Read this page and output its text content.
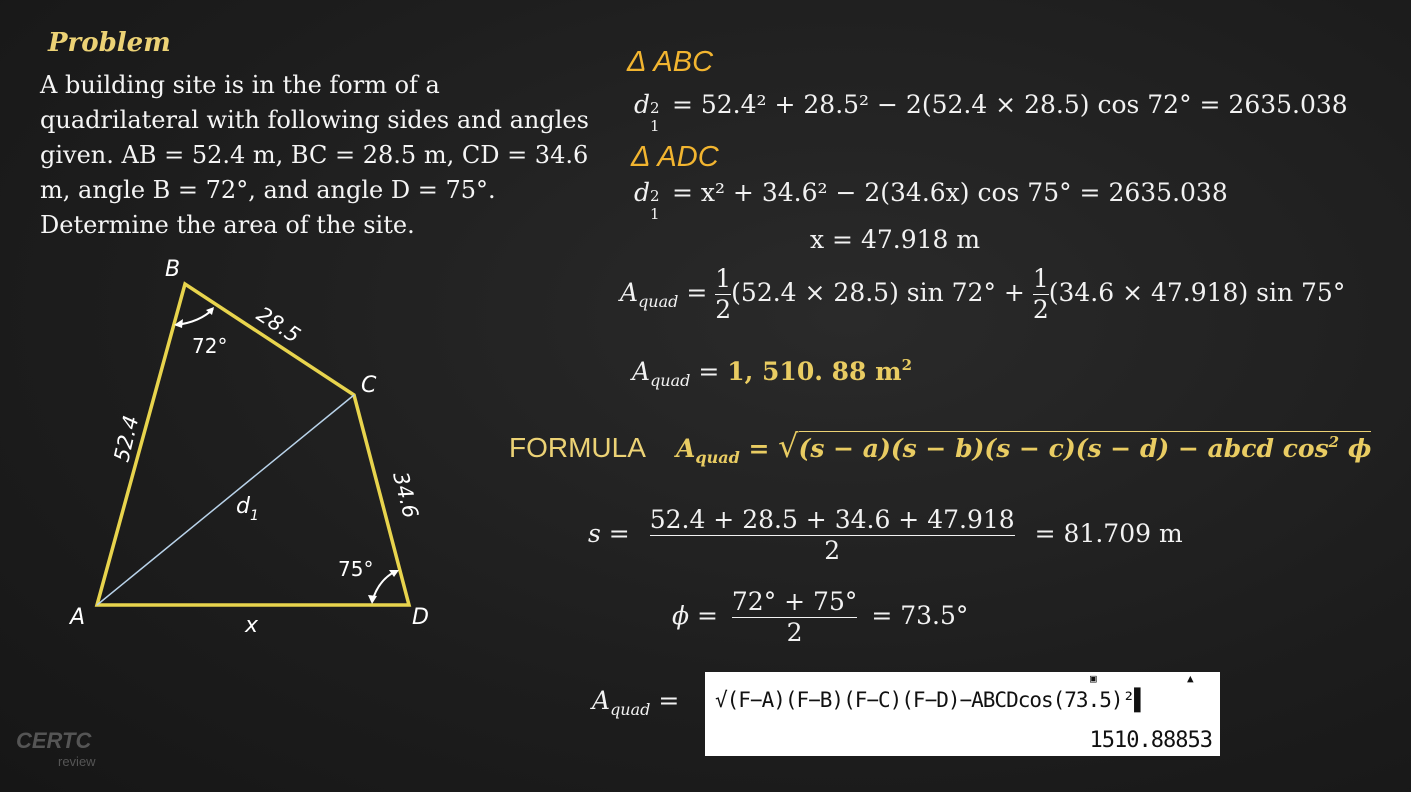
Problem
A building site is in the form of a quadrilateral with following sides and angles given. AB = 52.4 m, BC = 28.5 m, CD = 34.6 m, angle B = 72°, and angle D = 75°. Determine the area of the site.
A
B
C
D
52.4
28.5
34.6
x
$d_1$
72°
75°
Δ ABC
d 2
1
= 52.4² + 28.5² − 2(52.4 × 28.5) cos 72° = 2635.038
Δ ADC
d 2
1
= x² + 34.6² − 2(34.6x) cos 75° = 2635.038
x = 47.918 m
$A_{quad} = \frac{1}{2} (52.4 \times 28.5)$ $\sin 72^\circ + \frac{1}{2} (34.6 \times 47.918)$ sin 75°
$A_{quad} = 1$, 510. 88 $m^2$
FORMULA $A_{quad} = √(s - a)(s - b)(s - c)(s - d)$ − abcd $\cos^2 \phi$
$s = \frac{52.4 + 28.5 + 34.6 + 47.918}{2} = 81.709$ m
$\phi = \frac{72^\circ + 75^\circ}{2} = 73.5^\circ$
$A_{quad}$ =
▣	▲
√(F−A)(F−B)(F−C)(F−D)−ABCDcos(73.5)²▌
1510.88853
CERTC
review
